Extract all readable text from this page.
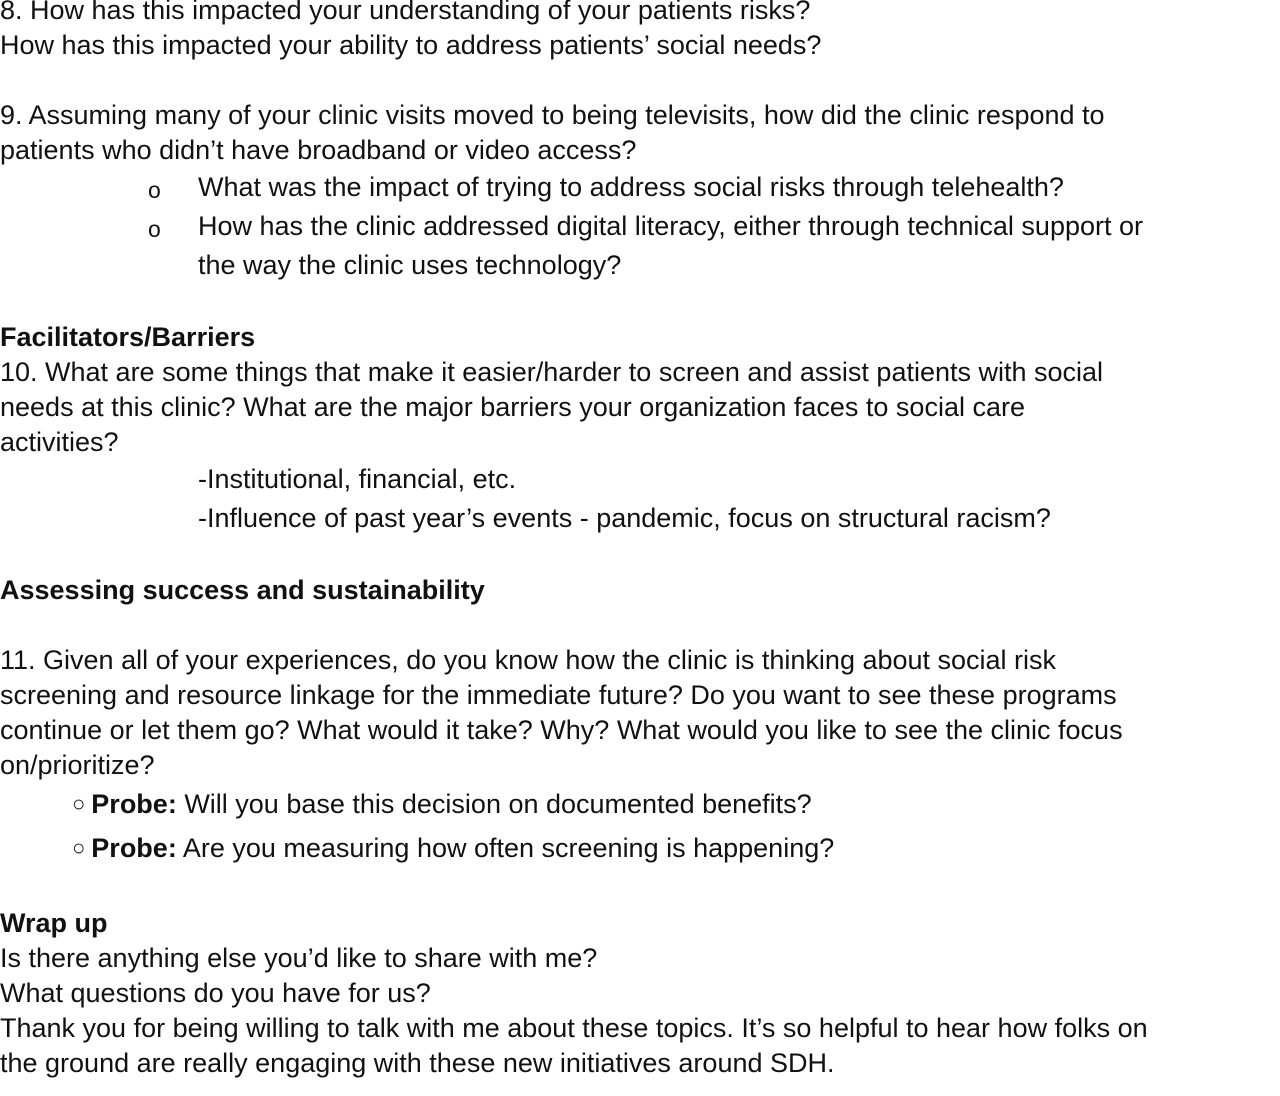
8. How has this impacted your understanding of your patients risks?

How has this impacted your ability to address patients’ social needs?

9. Assuming many of your clinic visits moved to being televisits, how did the clinic respond to

patients who didn’t have broadband or video access?

o What was the impact of trying to address social risks through telehealth?

o How has the clinic addressed digital literacy, either through technical support or

the way the clinic uses technology?

Facilitators/Barriers

10. What are some things that make it easier/harder to screen and assist patients with social

needs at this clinic? What are the major barriers your organization faces to social care

activities?

-Institutional, financial, etc.

-Influence of past year’s events - pandemic, focus on structural racism?

Assessing success and sustainability

11. Given all of your experiences, do you know how the clinic is thinking about social risk

screening and resource linkage for the immediate future? Do you want to see these programs

continue or let them go? What would it take? Why? What would you like to see the clinic focus

on/prioritize?

○ Probe: Will you base this decision on documented benefits?

○ Probe: Are you measuring how often screening is happening?

Wrap up

Is there anything else you’d like to share with me?

What questions do you have for us?

Thank you for being willing to talk with me about these topics. It’s so helpful to hear how folks on

the ground are really engaging with these new initiatives around SDH.
